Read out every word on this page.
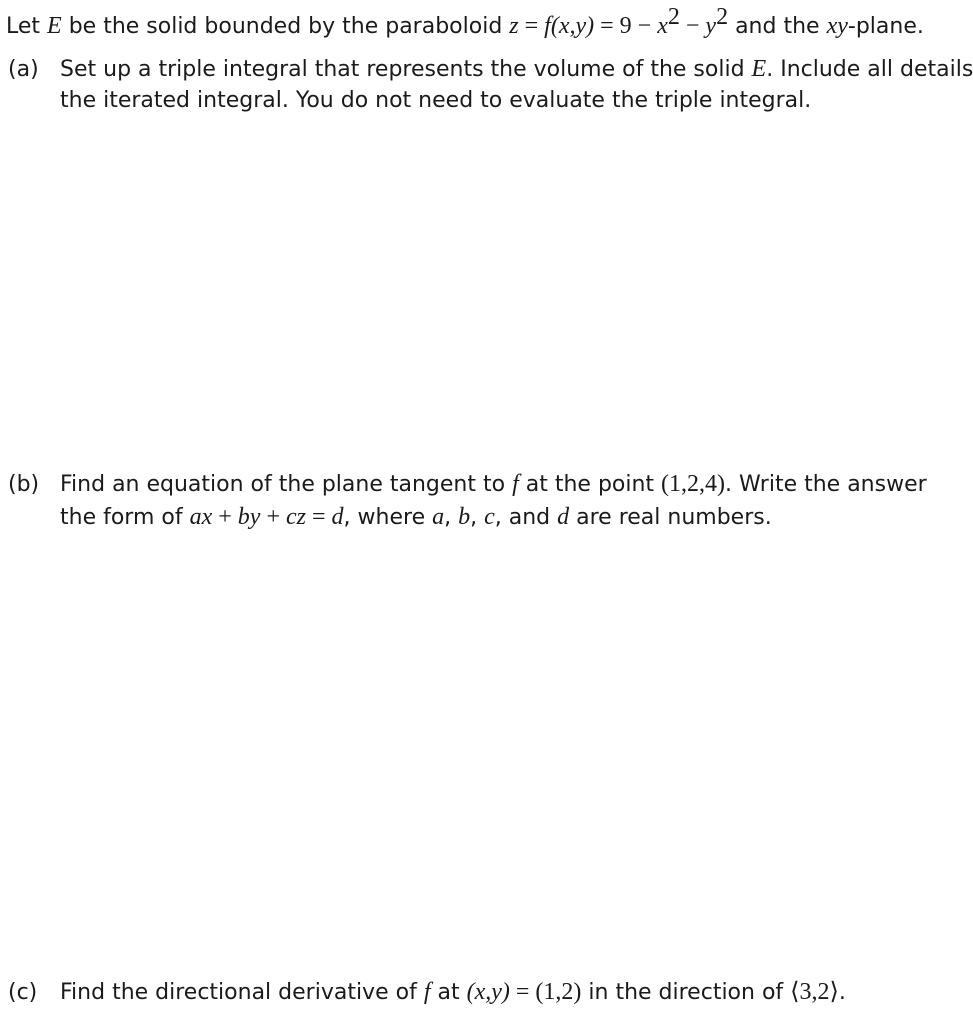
Let E be the solid bounded by the paraboloid $z = f(x,y) = 9 - x^2 - y^2$ and the xy-plane.
(a) Set up a triple integral that represents the volume of the solid E. Include all details
the iterated integral. You do not need to evaluate the triple integral.
(b) Find an equation of the plane tangent to f at the point (1,2,4). Write the answer
the form of ax + by + cz = d, where a, b, c, and d are real numbers.
(c) Find the directional derivative of f at (x,y) = (1,2) in the direction of ⟨3,2⟩.
